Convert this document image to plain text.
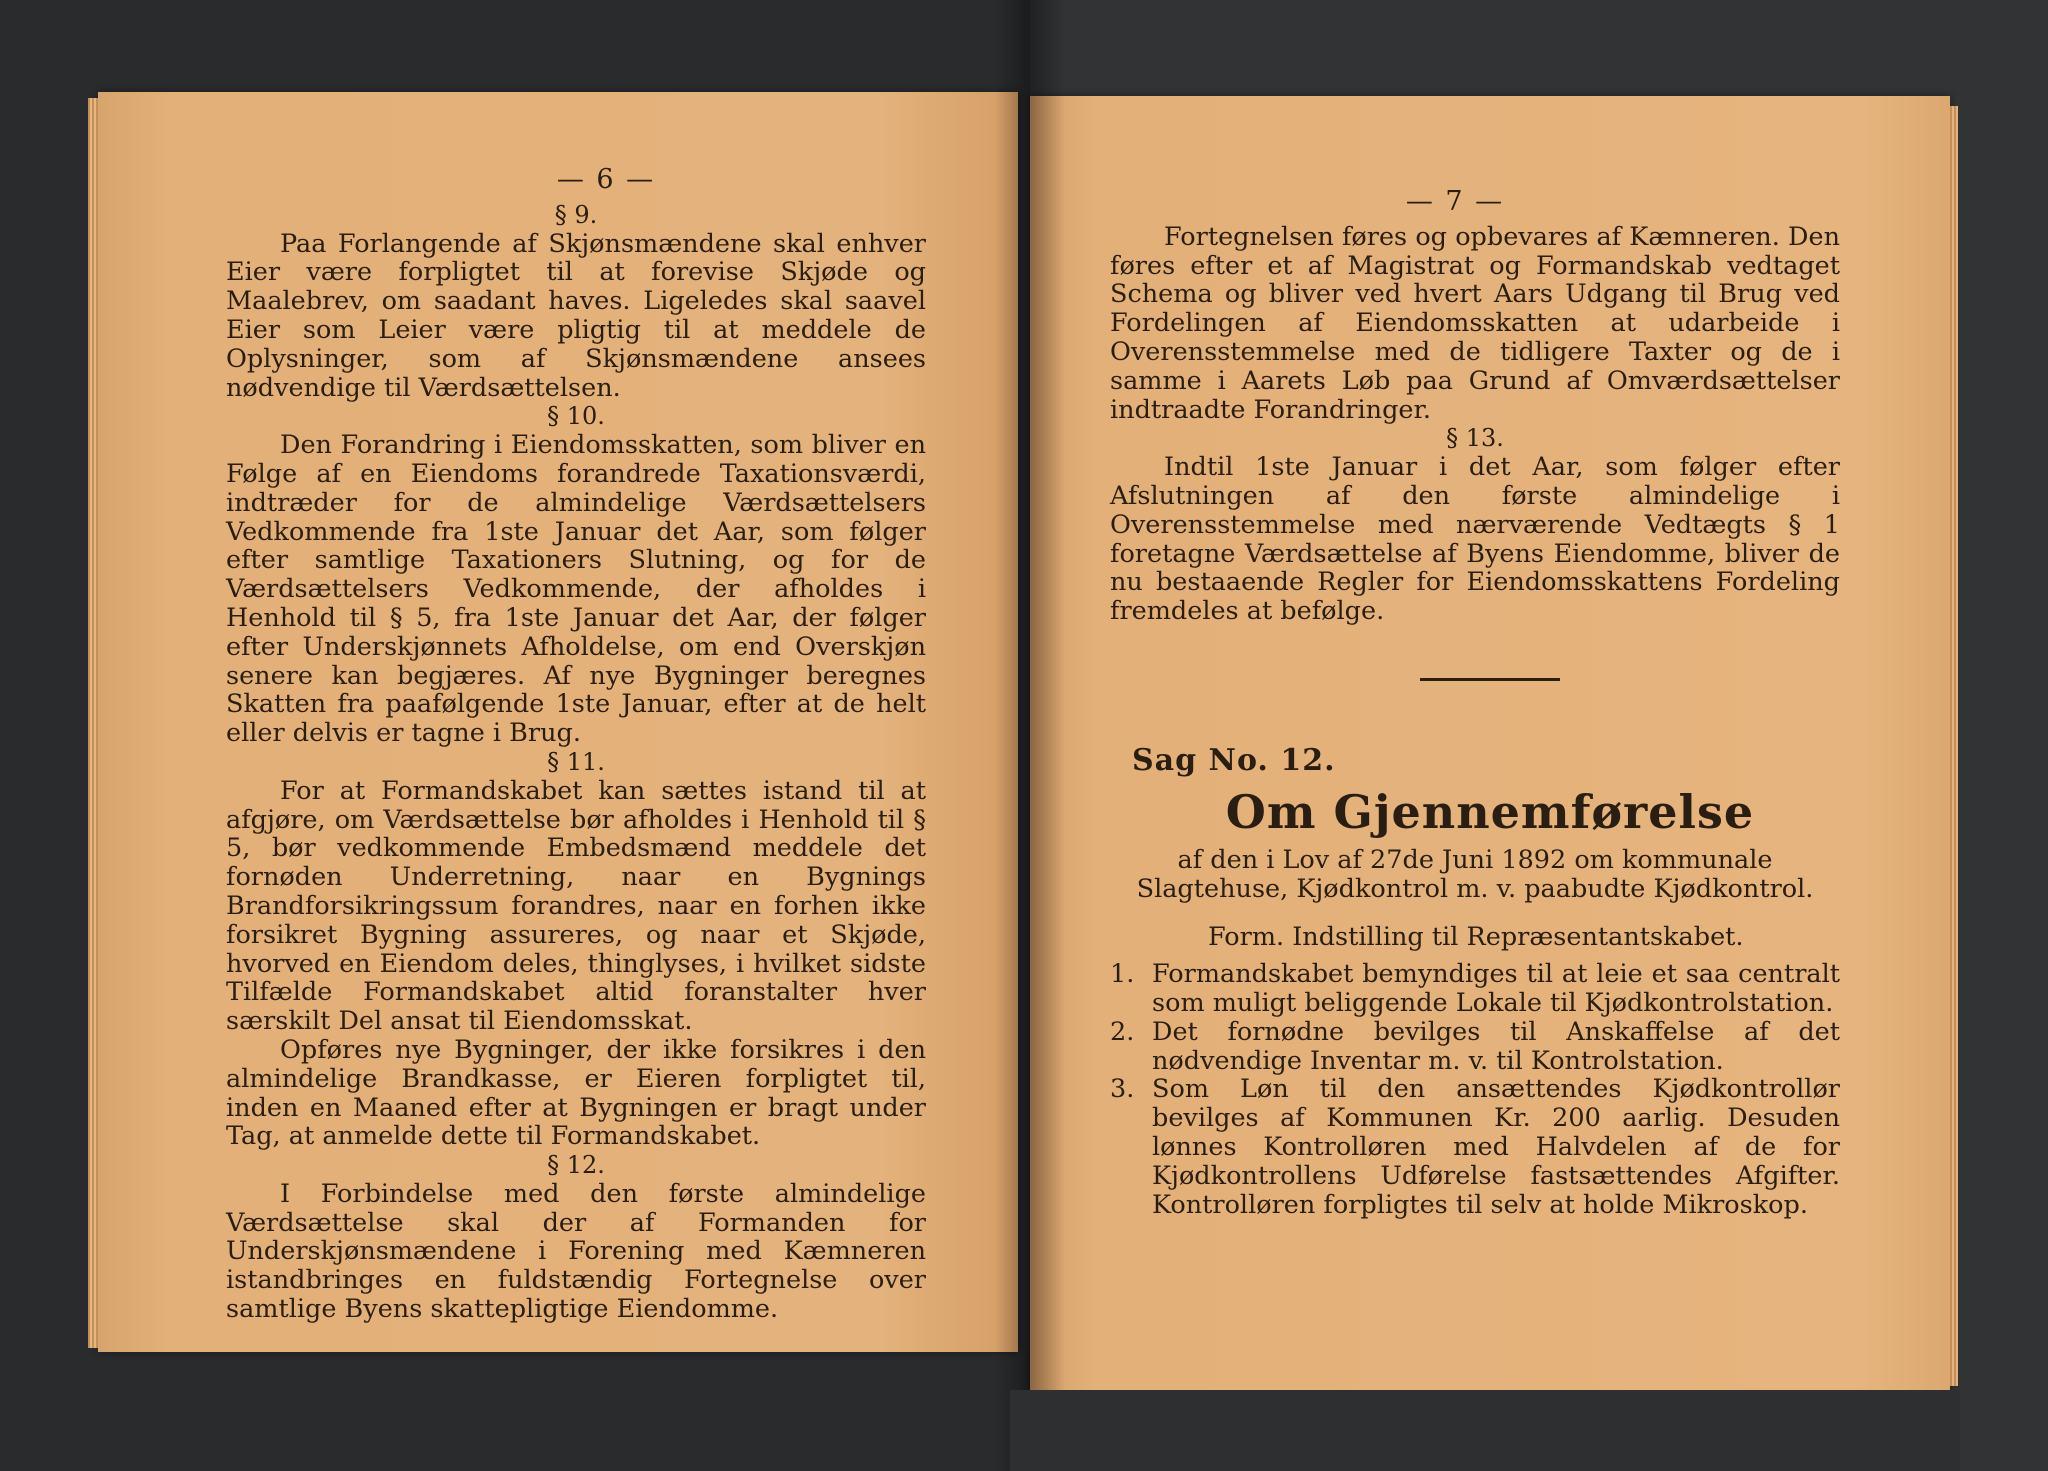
— 6 —
§ 9.

Paa Forlangende af Skjønsmændene skal enhver Eier være forpligtet til at forevise Skjøde og Maalebrev, om saadant haves. Ligeledes skal saavel Eier som Leier være pligtig til at meddele de Oplysninger, som af Skjønsmændene ansees nødvendige til Værdsættelsen.

§ 10.

Den Forandring i Eiendomsskatten, som bliver en Følge af en Eiendoms forandrede Taxationsværdi, indtræder for de almindelige Værdsættelsers Vedkommende fra 1ste Januar det Aar, som følger efter samtlige Taxationers Slutning, og for de Værdsættelsers Vedkommende, der afholdes i Henhold til § 5, fra 1ste Januar det Aar, der følger efter Underskjønnets Afholdelse, om end Overskjøn senere kan begjæres. Af nye Bygninger beregnes Skatten fra paafølgende 1ste Januar, efter at de helt eller delvis er tagne i Brug.

§ 11.

For at Formandskabet kan sættes istand til at afgjøre, om Værdsættelse bør afholdes i Henhold til § 5, bør vedkommende Embedsmænd meddele det fornøden Underretning, naar en Bygnings Brandforsikringssum forandres, naar en forhen ikke forsikret Bygning assureres, og naar et Skjøde, hvorved en Eiendom deles, thinglyses, i hvilket sidste Tilfælde Formandskabet altid foranstalter hver særskilt Del ansat til Eiendomsskat.

Opføres nye Bygninger, der ikke forsikres i den almindelige Brandkasse, er Eieren forpligtet til, inden en Maaned efter at Bygningen er bragt under Tag, at anmelde dette til Formandskabet.

§ 12.

I Forbindelse med den første almindelige Værdsættelse skal der af Formanden for Underskjønsmændene i Forening med Kæmneren istandbringes en fuldstændig Fortegnelse over samtlige Byens skattepligtige Eiendomme.

— 7 —

Fortegnelsen føres og opbevares af Kæmneren. Den føres efter et af Magistrat og Formandskab vedtaget Schema og bliver ved hvert Aars Udgang til Brug ved Fordelingen af Eiendomsskatten at udarbeide i Overensstemmelse med de tidligere Taxter og de i samme i Aarets Løb paa Grund af Omværdsættelser indtraadte Forandringer.

§ 13.

Indtil 1ste Januar i det Aar, som følger efter Afslutningen af den første almindelige i Overensstemmelse med nærværende Vedtægts § 1 foretagne Værdsættelse af Byens Eiendomme, bliver de nu bestaaende Regler for Eiendomsskattens Fordeling fremdeles at befølge.

Sag No. 12.
Om Gjennemførelse
af den i Lov af 27de Juni 1892 om kommunale Slagtehuse, Kjødkontrol m. v. paabudte Kjødkontrol.
Form. Indstilling til Repræsentantskabet.
1. Formandskabet bemyndiges til at leie et saa centralt som muligt beliggende Lokale til Kjødkontrolstation.
2. Det fornødne bevilges til Anskaffelse af det nødvendige Inventar m. v. til Kontrolstation.
3. Som Løn til den ansættendes Kjødkontrollør bevilges af Kommunen Kr. 200 aarlig. Desuden lønnes Kontrolløren med Halvdelen af de for Kjødkontrollens Udførelse fastsættendes Afgifter. Kontrolløren forpligtes til selv at holde Mikroskop.
